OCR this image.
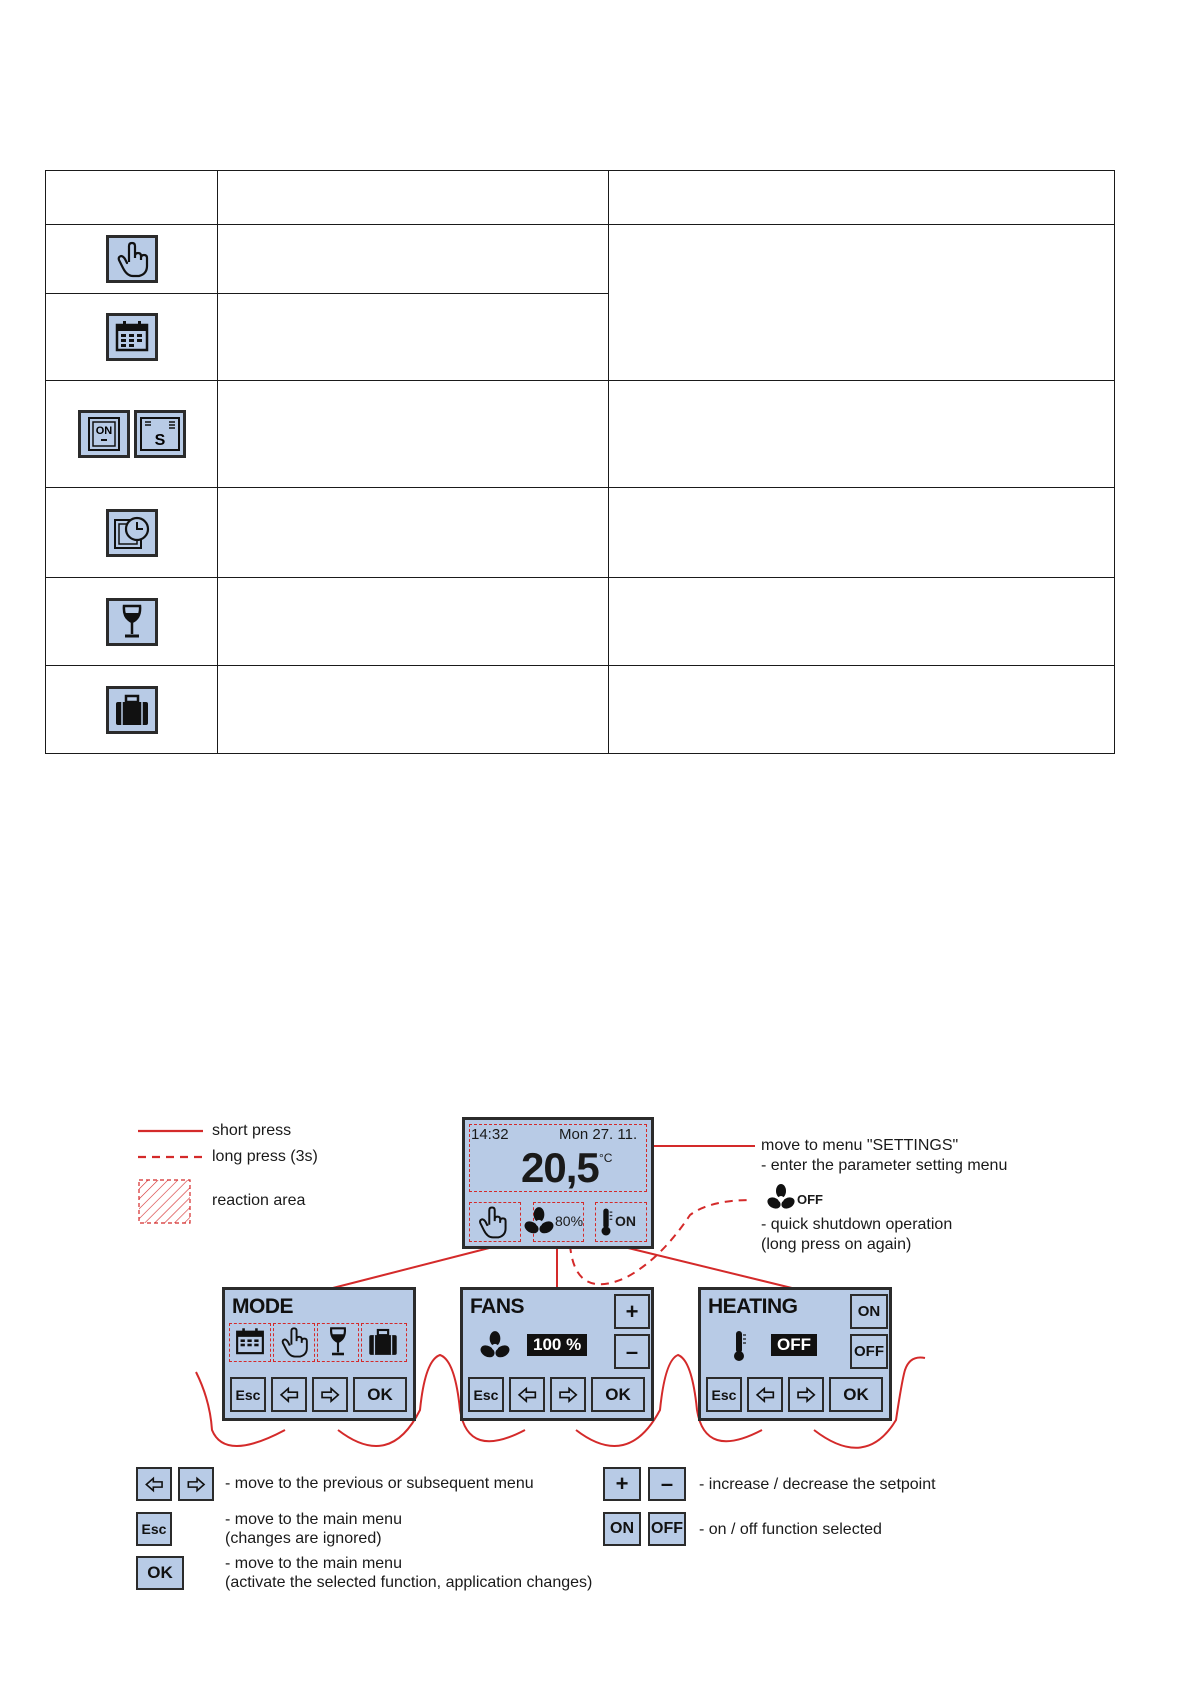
ON
S		

short press
long press (3s)
reaction area
14:32	Mon 27. 11.
20,5 °C
80% ON
move to menu "SETTINGS"
- enter the parameter setting menu
OFF
- quick shutdown operation
(long press on again)
MODE
Esc	OK
FANS
100 %
+
–
Esc	OK
HEATING
OFF
ON
OFF
Esc	OK
- move to the previous or subsequent menu
Esc
- move to the main menu
(changes are ignored)
OK	- move to the main menu
(activate the selected function, application changes)
+	–	- increase / decrease the setpoint
ON	OFF - on / off function selected
